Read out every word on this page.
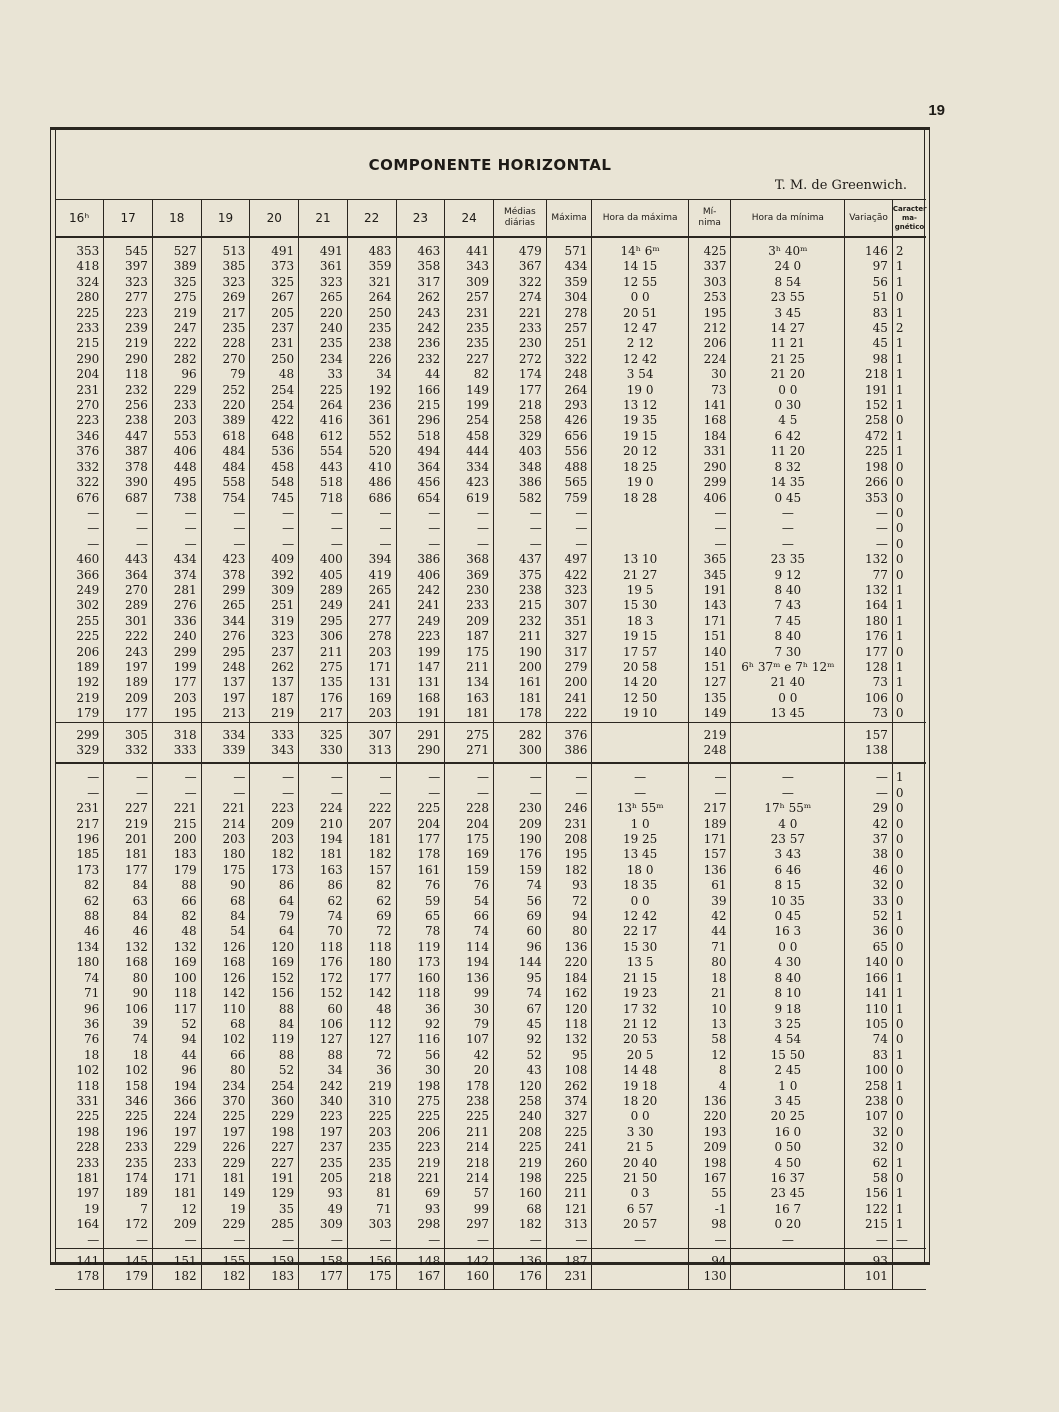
19
COMPONENTE HORIZONTAL
T. M. de Greenwich.
16ʰ	17	18	19	20	21	22	23	24	Médias
diárias	Máxima	Hora da máxima	Mí-
nima	Hora da mínima	Variação	Caracter
ma-
gnético
353	545	527	513	491	491	483	463	441	479	571	14ʰ 6ᵐ	425	3ʰ 40ᵐ	146	2
418	397	389	385	373	361	359	358	343	367	434	14 15	337	24 0	97	1
324	323	325	323	325	323	321	317	309	322	359	12 55	303	8 54	56	1
280	277	275	269	267	265	264	262	257	274	304	0 0	253	23 55	51	0
225	223	219	217	205	220	250	243	231	221	278	20 51	195	3 45	83	1
233	239	247	235	237	240	235	242	235	233	257	12 47	212	14 27	45	2
215	219	222	228	231	235	238	236	235	230	251	2 12	206	11 21	45	1
290	290	282	270	250	234	226	232	227	272	322	12 42	224	21 25	98	1
204	118	96	79	48	33	34	44	82	174	248	3 54	30	21 20	218	1
231	232	229	252	254	225	192	166	149	177	264	19 0	73	0 0	191	1
270	256	233	220	254	264	236	215	199	218	293	13 12	141	0 30	152	1
223	238	203	389	422	416	361	296	254	258	426	19 35	168	4 5	258	0
346	447	553	618	648	612	552	518	458	329	656	19 15	184	6 42	472	1
376	387	406	484	536	554	520	494	444	403	556	20 12	331	11 20	225	1
332	378	448	484	458	443	410	364	334	348	488	18 25	290	8 32	198	0
322	390	495	558	548	518	486	456	423	386	565	19 0	299	14 35	266	0
676	687	738	754	745	718	686	654	619	582	759	18 28	406	0 45	353	0
—	—	—	—	—	—	—	—	—	—	—		—	—	—	0
—	—	—	—	—	—	—	—	—	—	—		—	—	—	0
—	—	—	—	—	—	—	—	—	—	—		—	—	—	0
460	443	434	423	409	400	394	386	368	437	497	13 10	365	23 35	132	0
366	364	374	378	392	405	419	406	369	375	422	21 27	345	9 12	77	0
249	270	281	299	309	289	265	242	230	238	323	19 5	191	8 40	132	1
302	289	276	265	251	249	241	241	233	215	307	15 30	143	7 43	164	1
255	301	336	344	319	295	277	249	209	232	351	18 3	171	7 45	180	1
225	222	240	276	323	306	278	223	187	211	327	19 15	151	8 40	176	1
206	243	299	295	237	211	203	199	175	190	317	17 57	140	7 30	177	0
189	197	199	248	262	275	171	147	211	200	279	20 58	151	6ʰ 37ᵐ e 7ʰ 12ᵐ	128	1
192	189	177	137	137	135	131	131	134	161	200	14 20	127	21 40	73	1
219	209	203	197	187	176	169	168	163	181	241	12 50	135	0 0	106	0
179	177	195	213	219	217	203	191	181	178	222	19 10	149	13 45	73	0
299	305	318	334	333	325	307	291	275	282	376		219		157	
329	332	333	339	343	330	313	290	271	300	386		248		138	
—	—	—	—	—	—	—	—	—	—	—	—	—	—	—	1
—	—	—	—	—	—	—	—	—	—	—	—	—	—	—	0
231	227	221	221	223	224	222	225	228	230	246	13ʰ 55ᵐ	217	17ʰ 55ᵐ	29	0
217	219	215	214	209	210	207	204	204	209	231	1 0	189	4 0	42	0
196	201	200	203	203	194	181	177	175	190	208	19 25	171	23 57	37	0
185	181	183	180	182	181	182	178	169	176	195	13 45	157	3 43	38	0
173	177	179	175	173	163	157	161	159	159	182	18 0	136	6 46	46	0
82	84	88	90	86	86	82	76	76	74	93	18 35	61	8 15	32	0
62	63	66	68	64	62	62	59	54	56	72	0 0	39	10 35	33	0
88	84	82	84	79	74	69	65	66	69	94	12 42	42	0 45	52	1
46	46	48	54	64	70	72	78	74	60	80	22 17	44	16 3	36	0
134	132	132	126	120	118	118	119	114	96	136	15 30	71	0 0	65	0
180	168	169	168	169	176	180	173	194	144	220	13 5	80	4 30	140	0
74	80	100	126	152	172	177	160	136	95	184	21 15	18	8 40	166	1
71	90	118	142	156	152	142	118	99	74	162	19 23	21	8 10	141	1
96	106	117	110	88	60	48	36	30	67	120	17 32	10	9 18	110	1
36	39	52	68	84	106	112	92	79	45	118	21 12	13	3 25	105	0
76	74	94	102	119	127	127	116	107	92	132	20 53	58	4 54	74	0
18	18	44	66	88	88	72	56	42	52	95	20 5	12	15 50	83	1
102	102	96	80	52	34	36	30	20	43	108	14 48	8	2 45	100	0
118	158	194	234	254	242	219	198	178	120	262	19 18	4	1 0	258	1
331	346	366	370	360	340	310	275	238	258	374	18 20	136	3 45	238	0
225	225	224	225	229	223	225	225	225	240	327	0 0	220	20 25	107	0
198	196	197	197	198	197	203	206	211	208	225	3 30	193	16 0	32	0
228	233	229	226	227	237	235	223	214	225	241	21 5	209	0 50	32	0
233	235	233	229	227	235	235	219	218	219	260	20 40	198	4 50	62	1
181	174	171	181	191	205	218	221	214	198	225	21 50	167	16 37	58	0
197	189	181	149	129	93	81	69	57	160	211	0 3	55	23 45	156	1
19	7	12	19	35	49	71	93	99	68	121	6 57	-1	16 7	122	1
164	172	209	229	285	309	303	298	297	182	313	20 57	98	0 20	215	1
—	—	—	—	—	—	—	—	—	—	—	—	—	—	—	—
141	145	151	155	159	158	156	148	142	136	187		94		93	
178	179	182	182	183	177	175	167	160	176	231		130		101	
